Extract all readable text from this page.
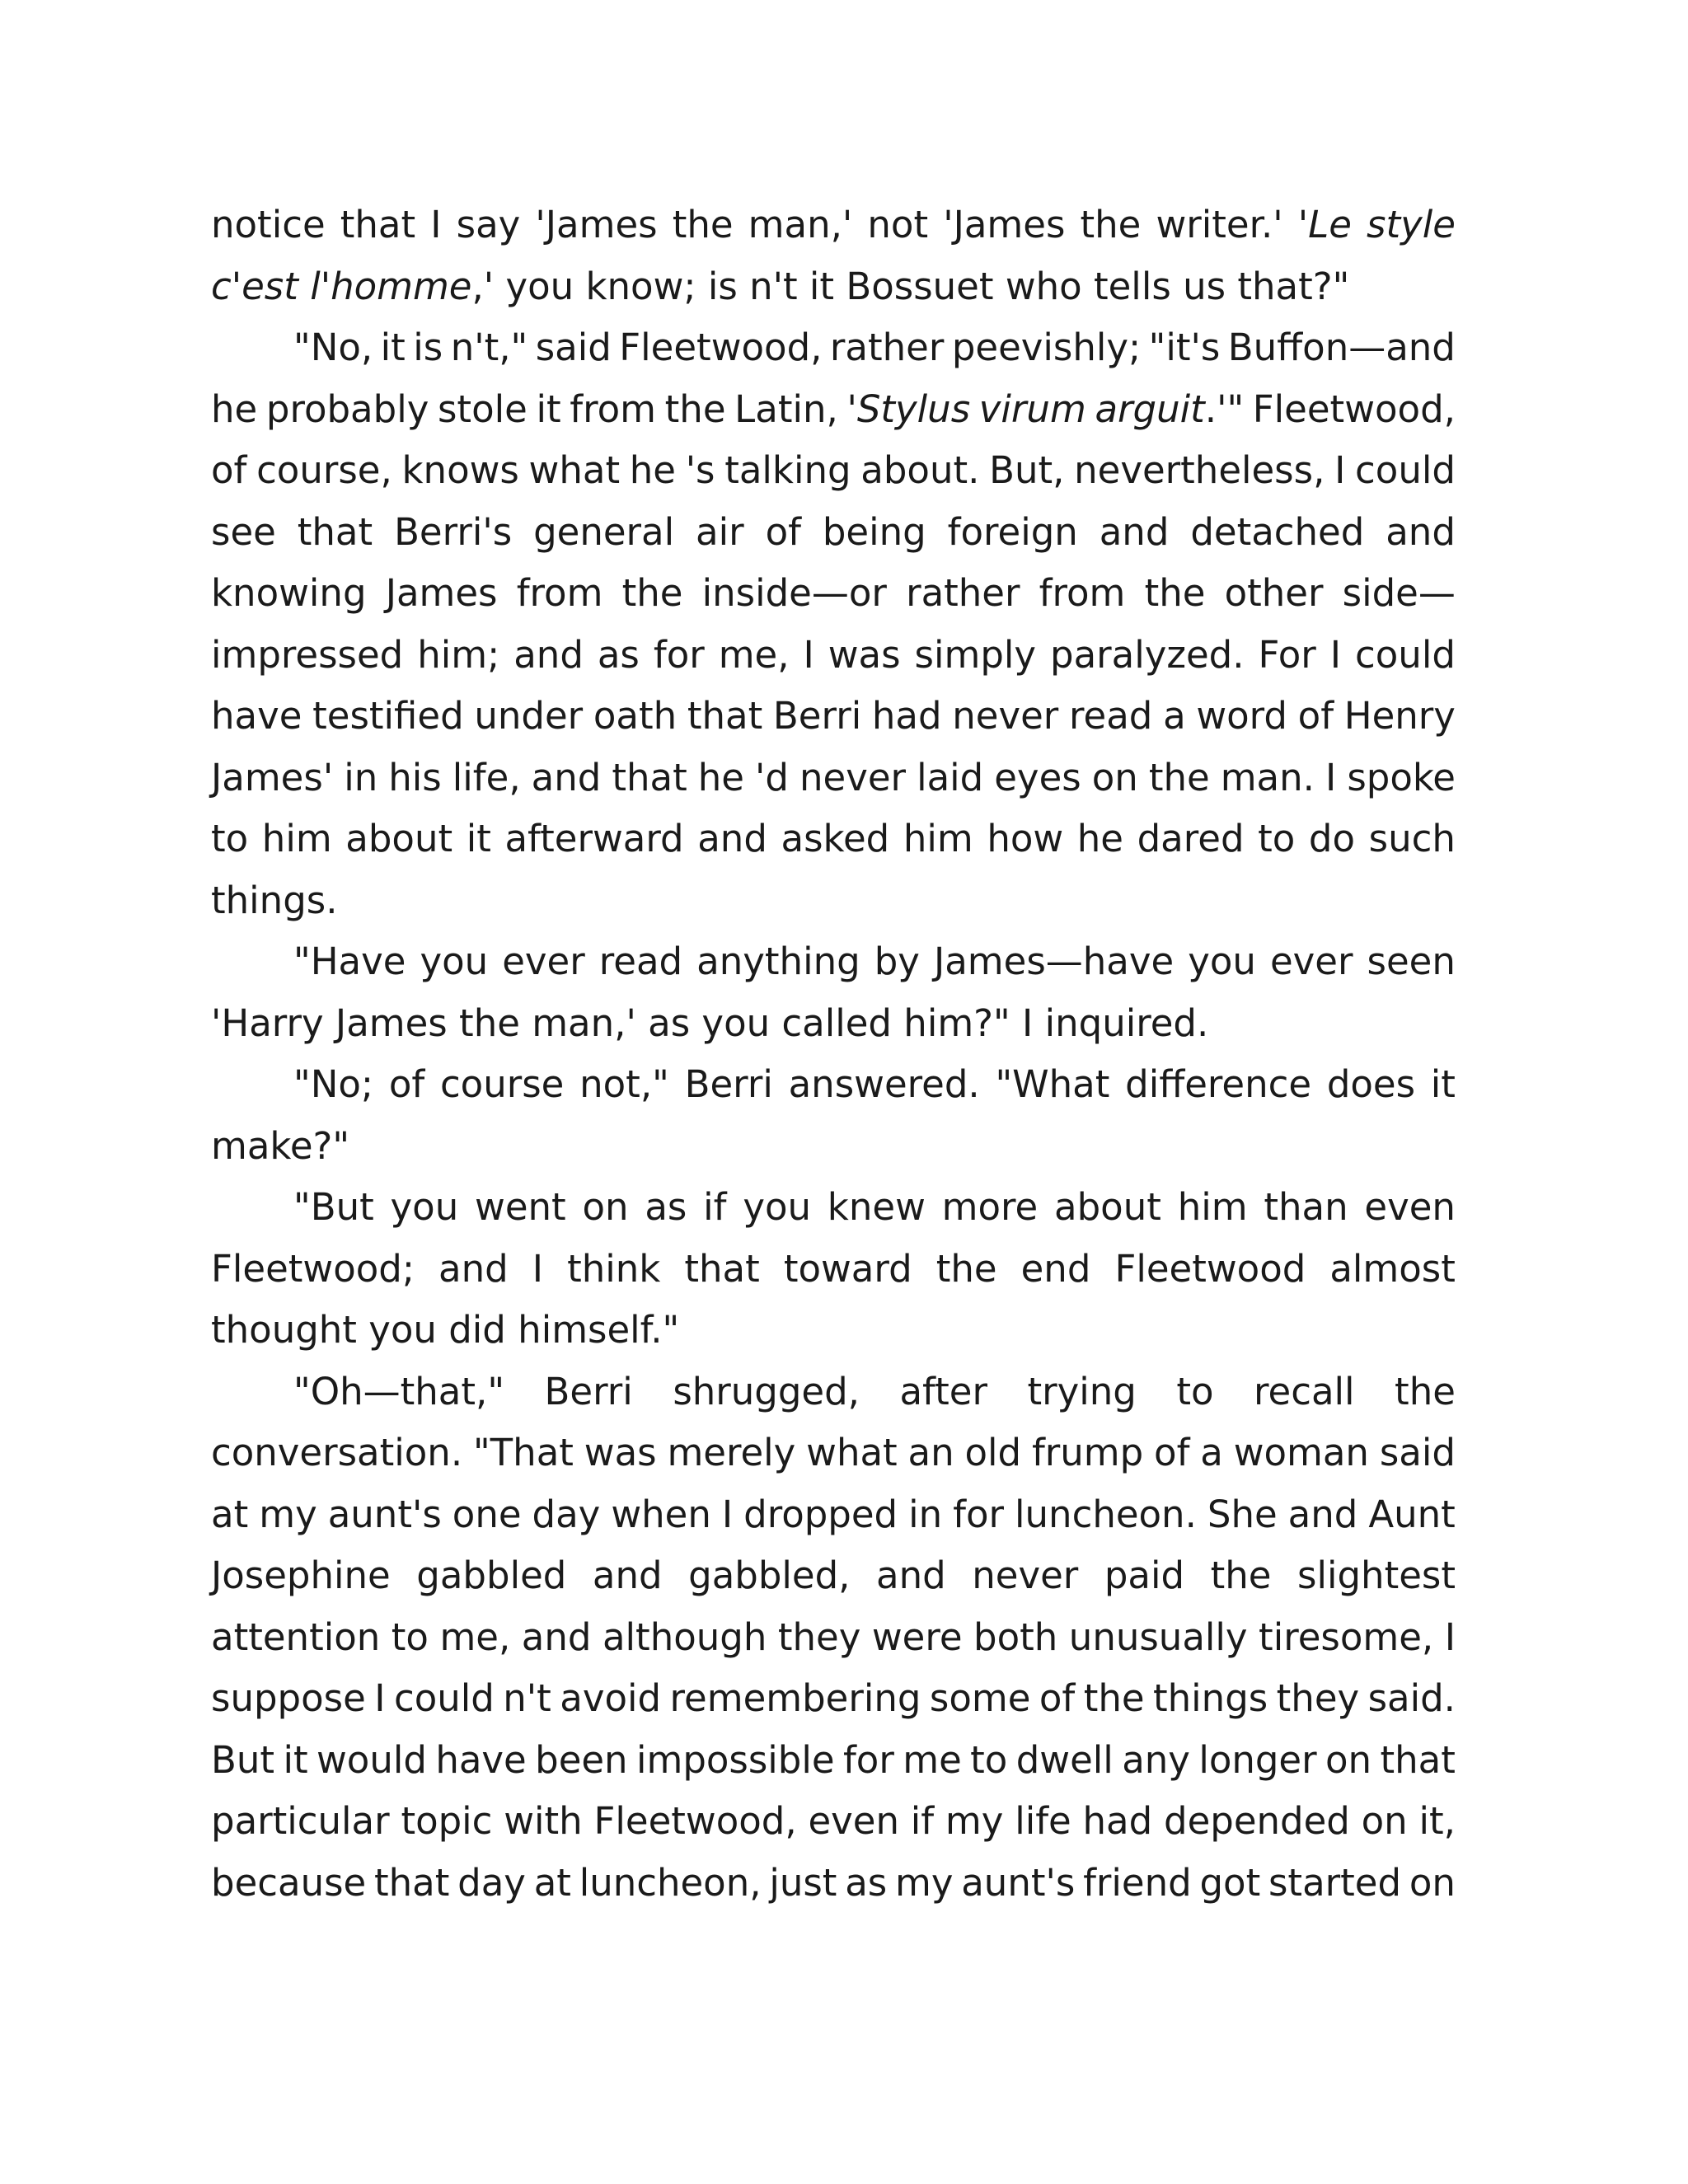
notice that I say 'James the man,' not 'James the writer.' 'Le style
c'est l'homme,' you know; is n't it Bossuet who tells us that?"

"No, it is n't," said Fleetwood, rather peevishly; "it's Buffon—and
he probably stole it from the Latin, 'Stylus virum arguit.'" Fleetwood,
of course, knows what he 's talking about. But, nevertheless, I could
see that Berri's general air of being foreign and detached and
knowing James from the inside—or rather from the other side—
impressed him; and as for me, I was simply paralyzed. For I could
have testified under oath that Berri had never read a word of Henry
James' in his life, and that he 'd never laid eyes on the man. I spoke
to him about it afterward and asked him how he dared to do such
things.

"Have you ever read anything by James—have you ever seen
'Harry James the man,' as you called him?" I inquired.

"No; of course not," Berri answered. "What difference does it
make?"

"But you went on as if you knew more about him than even
Fleetwood; and I think that toward the end Fleetwood almost
thought you did himself."

"Oh—that," Berri shrugged, after trying to recall the
conversation. "That was merely what an old frump of a woman said
at my aunt's one day when I dropped in for luncheon. She and Aunt
Josephine gabbled and gabbled, and never paid the slightest
attention to me, and although they were both unusually tiresome, I
suppose I could n't avoid remembering some of the things they said.
But it would have been impossible for me to dwell any longer on that
particular topic with Fleetwood, even if my life had depended on it,
because that day at luncheon, just as my aunt's friend got started on
